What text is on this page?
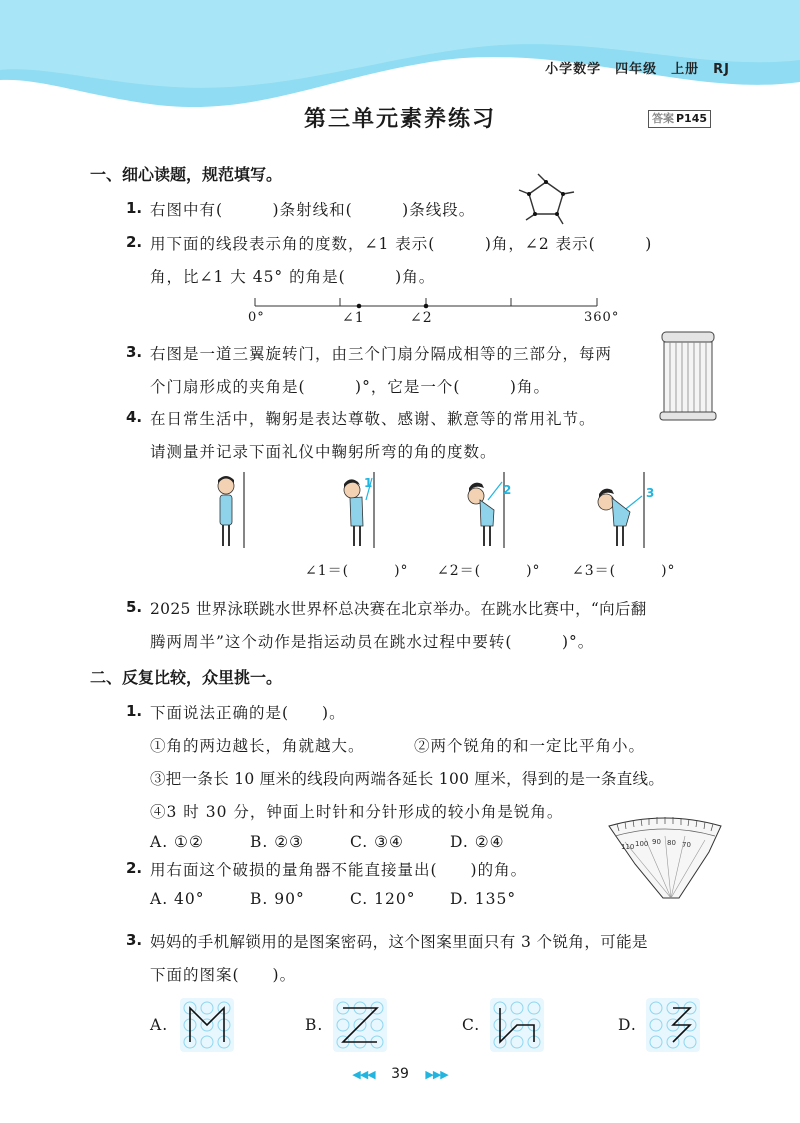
小学数学 四年级 上册 RJ
第三单元素养练习	答案 P145
一、细心读题，规范填写。
1. 右图中有(　　　)条射线和(　　　)条线段。
2. 用下面的线段表示角的度数，∠1 表示(　　　)角，∠2 表示(　　　)
角，比∠1 大 45° 的角是(　　　)角。
0°	∠1	∠2	360°
3. 右图是一道三翼旋转门，由三个门扇分隔成相等的三部分，每两
个门扇形成的夹角是(　　　)°，它是一个(　　　)角。
4. 在日常生活中，鞠躬是表达尊敬、感谢、歉意等的常用礼节。
请测量并记录下面礼仪中鞠躬所弯的角的度数。
1	2	3
∠1＝(　　　)° ∠2＝(　　　)° ∠3＝(　　　)°
5. 2025 世界泳联跳水世界杯总决赛在北京举办。在跳水比赛中，“向后翻
腾两周半”这个动作是指运动员在跳水过程中要转(　　　)°。
二、反复比较，众里挑一。
1. 下面说法正确的是(　　)。
①角的两边越长，角就越大。	②两个锐角的和一定比平角小。
③把一条长 10 厘米的线段向两端各延长 100 厘米，得到的是一条直线。
④3 时 30 分，钟面上时针和分针形成的较小角是锐角。
A. ①②	B. ②③	C. ③④	D. ②④	90 80 70
100
110
2. 用右面这个破损的量角器不能直接量出(　　)的角。
A. 40°	B. 90°	C. 120° D. 135°
3. 妈妈的手机解锁用的是图案密码，这个图案里面只有 3 个锐角，可能是
下面的图案(　　)。
A.	B.	C.	D.
◀◀◀ 39 ▶▶▶
